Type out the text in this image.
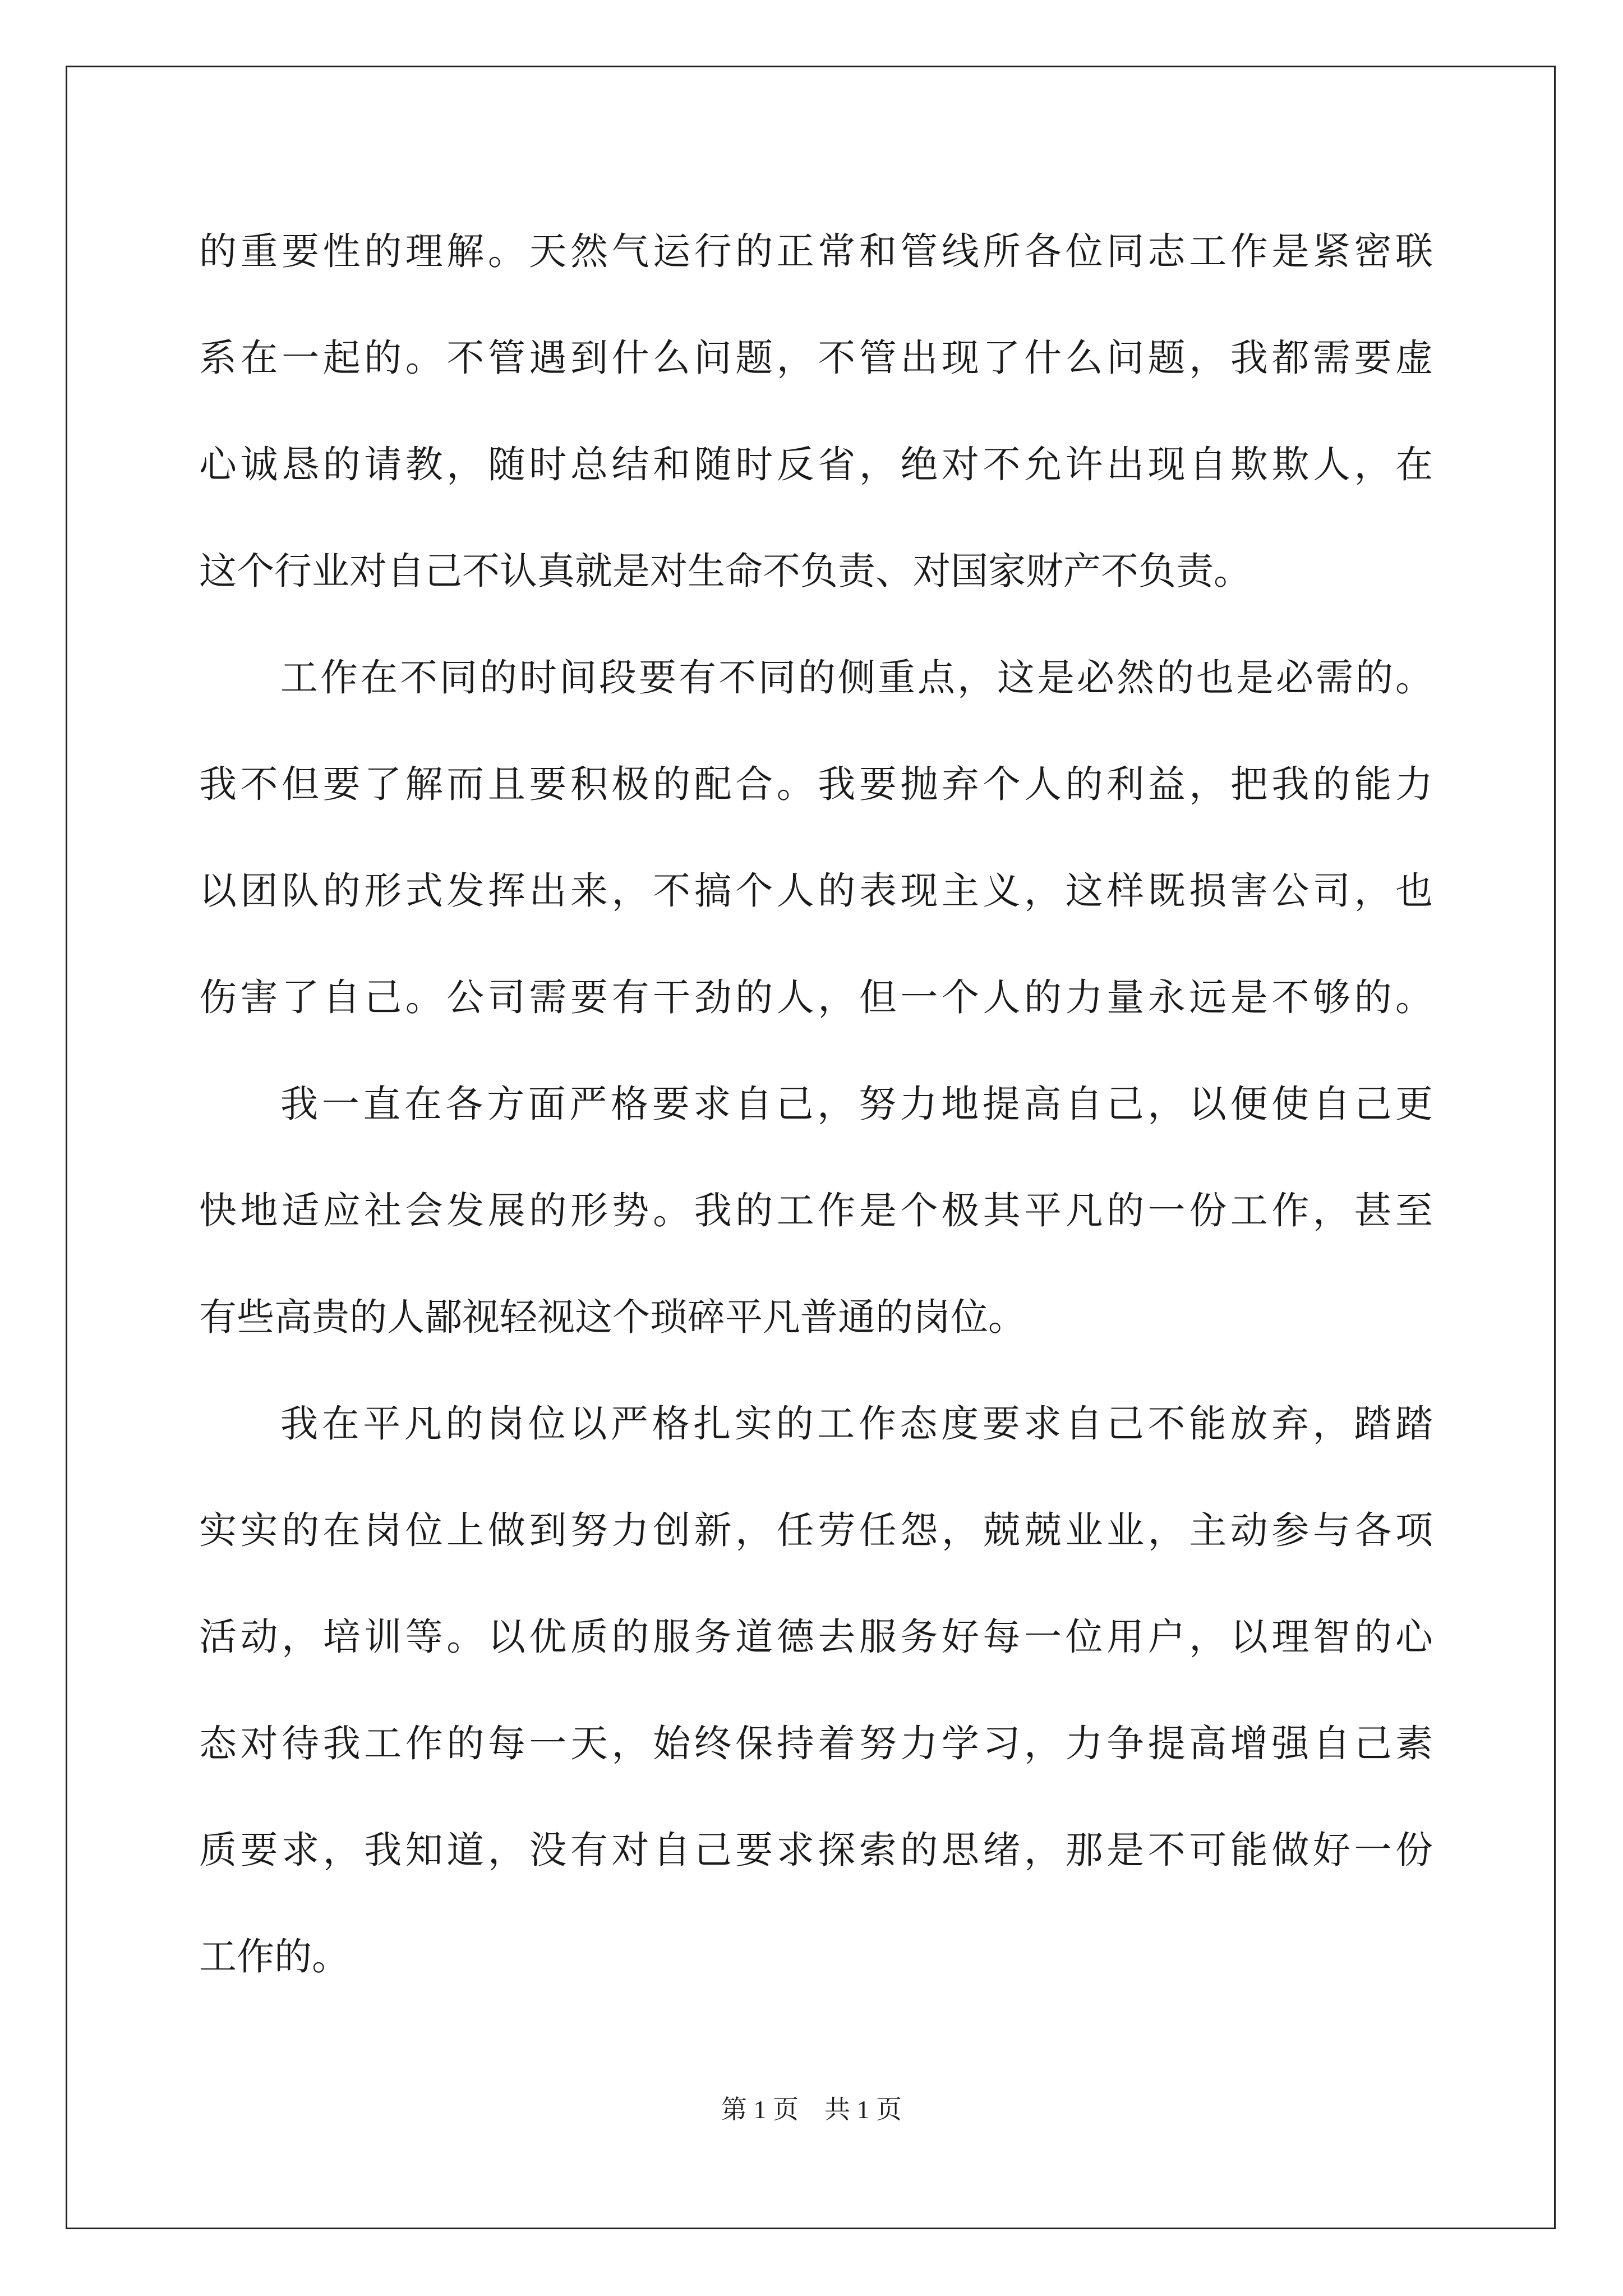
的重要性的理解。天然气运行的正常和管线所各位同志工作是紧密联
系在一起的。不管遇到什么问题，不管出现了什么问题，我都需要虚
心诚恳的请教，随时总结和随时反省，绝对不允许出现自欺欺人，在
这个行业对自己不认真就是对生命不负责、对国家财产不负责。
工作在不同的时间段要有不同的侧重点，这是必然的也是必需的。
我不但要了解而且要积极的配合。我要抛弃个人的利益，把我的能力
以团队的形式发挥出来，不搞个人的表现主义，这样既损害公司，也
伤害了自己。公司需要有干劲的人，但一个人的力量永远是不够的。
我一直在各方面严格要求自己，努力地提高自己，以便使自己更
快地适应社会发展的形势。我的工作是个极其平凡的一份工作，甚至
有些高贵的人鄙视轻视这个琐碎平凡普通的岗位。
我在平凡的岗位以严格扎实的工作态度要求自己不能放弃，踏踏
实实的在岗位上做到努力创新，任劳任怨，兢兢业业，主动参与各项
活动，培训等。以优质的服务道德去服务好每一位用户，以理智的心
态对待我工作的每一天，始终保持着努力学习，力争提高增强自己素
质要求，我知道，没有对自己要求探索的思绪，那是不可能做好一份
工作的。
第 1 页　共 1 页
